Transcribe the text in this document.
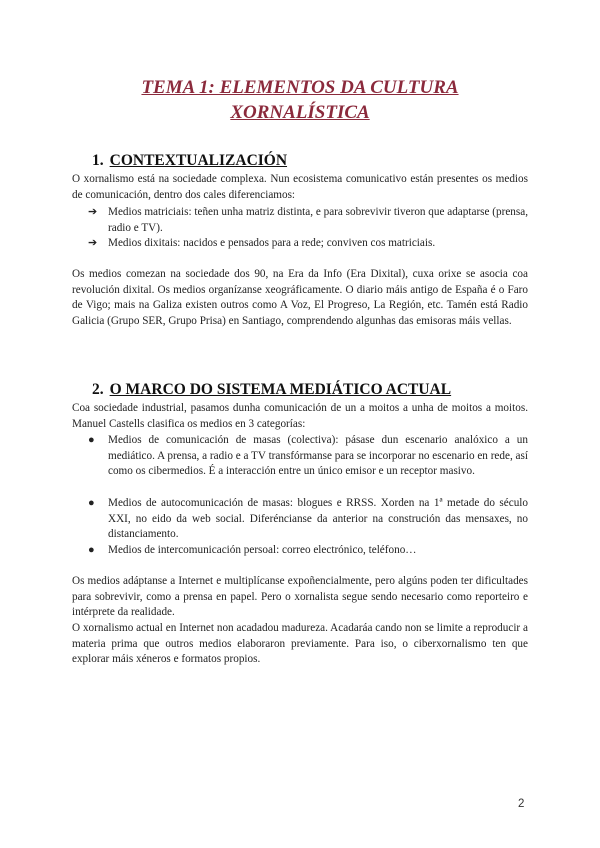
TEMA 1: ELEMENTOS DA CULTURA
XORNALÍSTICA
1. CONTEXTUALIZACIÓN
O xornalismo está na sociedade complexa. Nun ecosistema comunicativo están presentes os medios de comunicación, dentro dos cales diferenciamos:
➔ Medios matriciais: teñen unha matriz distinta, e para sobrevivir tiveron que adaptarse (prensa, radio e TV).
➔ Medios dixitais: nacidos e pensados para a rede; conviven cos matriciais.
Os medios comezan na sociedade dos 90, na Era da Info (Era Dixital), cuxa orixe se asocia coa revolución dixital. Os medios organízanse xeográficamente. O diario máis antigo de España é o Faro de Vigo; mais na Galiza existen outros como A Voz, El Progreso, La Región, etc. Tamén está Radio Galicia (Grupo SER, Grupo Prisa) en Santiago, comprendendo algunhas das emisoras máis vellas.
2. O MARCO DO SISTEMA MEDIÁTICO ACTUAL
Coa sociedade industrial, pasamos dunha comunicación de un a moitos a unha de moitos a moitos. Manuel Castells clasifica os medios en 3 categorías:
● Medios de comunicación de masas (colectiva): pásase dun escenario analóxico a un mediático. A prensa, a radio e a TV transfórmanse para se incorporar no escenario en rede, así como os cibermedios. É a interacción entre un único emisor e un receptor masivo.
● Medios de autocomunicación de masas: blogues e RRSS. Xorden na 1ª metade do século XXI, no eido da web social. Diferéncianse da anterior na construción das mensaxes, no distanciamento.
● Medios de intercomunicación persoal: correo electrónico, teléfono…
Os medios adáptanse a Internet e multiplícanse expoñencialmente, pero algúns poden ter dificultades para sobrevivir, como a prensa en papel. Pero o xornalista segue sendo necesario como reporteiro e intérprete da realidade.
O xornalismo actual en Internet non acadadou madureza. Acadaráa cando non se limite a reproducir a materia prima que outros medios elaboraron previamente. Para iso, o ciberxornalismo ten que explorar máis xéneros e formatos propios.
2
